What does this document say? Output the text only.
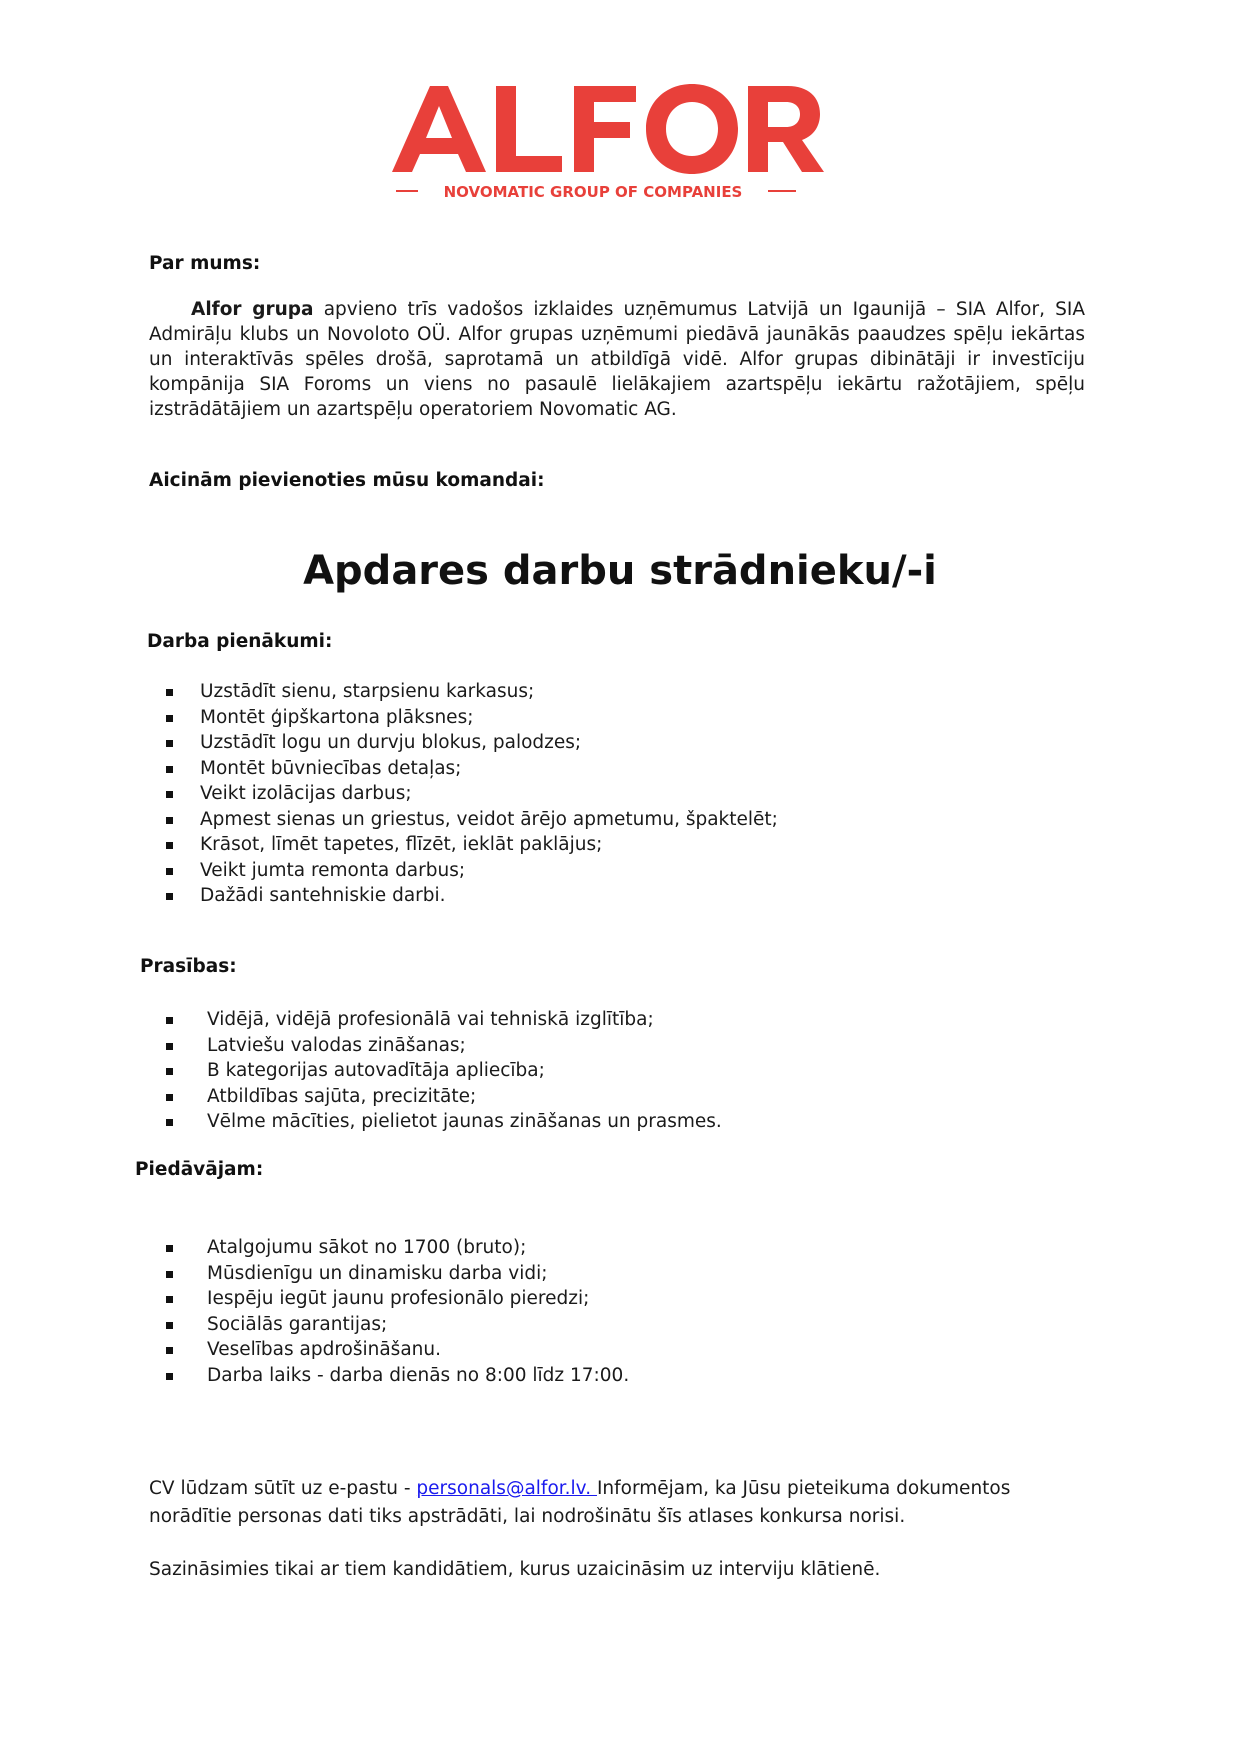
NOVOMATIC GROUP OF COMPANIES

Par mums:

Alfor grupa apvieno trīs vadošos izklaides uzņēmumus Latvijā un Igaunijā – SIA Alfor, SIA Admirāļu klubs un Novoloto OÜ. Alfor grupas uzņēmumi piedāvā jaunākās paaudzes spēļu iekārtas un interaktīvās spēles drošā, saprotamā un atbildīgā vidē. Alfor grupas dibinātāji ir investīciju kompānija SIA Foroms un viens no pasaulē lielākajiem azartspēļu iekārtu ražotājiem, spēļu izstrādātājiem un azartspēļu operatoriem Novomatic AG.

Aicinām pievienoties mūsu komandai:

Apdares darbu strādnieku/-i

Darba pienākumi:

Uzstādīt sienu, starpsienu karkasus;
Montēt ģipškartona plāksnes;
Uzstādīt logu un durvju blokus, palodzes;
Montēt būvniecības detaļas;
Veikt izolācijas darbus;
Apmest sienas un griestus, veidot ārējo apmetumu, špaktelēt;
Krāsot, līmēt tapetes, flīzēt, ieklāt paklājus;
Veikt jumta remonta darbus;
Dažādi santehniskie darbi.

Prasības:

Vidējā, vidējā profesionālā vai tehniskā izglītība;
Latviešu valodas zināšanas;
B kategorijas autovadītāja apliecība;
Atbildības sajūta, precizitāte;
Vēlme mācīties, pielietot jaunas zināšanas un prasmes.

Piedāvājam:

Atalgojumu sākot no 1700 (bruto);
Mūsdienīgu un dinamisku darba vidi;
Iespēju iegūt jaunu profesionālo pieredzi;
Sociālās garantijas;
Veselības apdrošināšanu.
Darba laiks - darba dienās no 8:00 līdz 17:00.

CV lūdzam sūtīt uz e-pastu - personals@alfor.lv. Informējam, ka Jūsu pieteikuma dokumentos

norādītie personas dati tiks apstrādāti, lai nodrošinātu šīs atlases konkursa norisi.

Sazināsimies tikai ar tiem kandidātiem, kurus uzaicināsim uz interviju klātienē.
